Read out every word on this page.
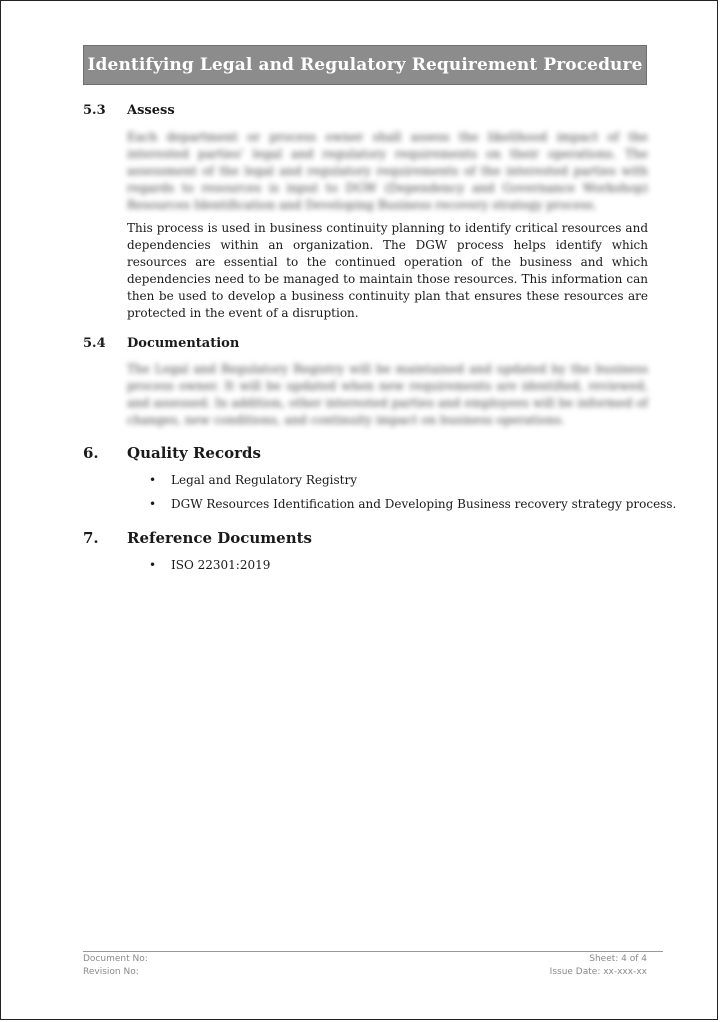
Identifying Legal and Regulatory Requirement Procedure
5.3	Assess

Each department or process owner shall assess the likelihood impact of the interested parties' legal and regulatory requirements on their operations. The assessment of the legal and regulatory requirements of the interested parties with regards to resources is input to DGW (Dependency and Governance Workshop) Resources Identification and Developing Business recovery strategy process.

This process is used in business continuity planning to identify critical resources and dependencies within an organization. The DGW process helps identify which resources are essential to the continued operation of the business and which dependencies need to be managed to maintain those resources. This information can then be used to develop a business continuity plan that ensures these resources are protected in the event of a disruption.

5.4	Documentation

The Legal and Regulatory Registry will be maintained and updated by the business process owner. It will be updated when new requirements are identified, reviewed, and assessed. In addition, other interested parties and employees will be informed of changes, new conditions, and continuity impact on business operations.

6.	Quality Records
• Legal and Regulatory Registry
• DGW Resources Identification and Developing Business recovery strategy process.
7.	Reference Documents
• ISO 22301:2019
Document No:
Revision No:
Sheet: 4 of 4
Issue Date: xx-xxx-xx
